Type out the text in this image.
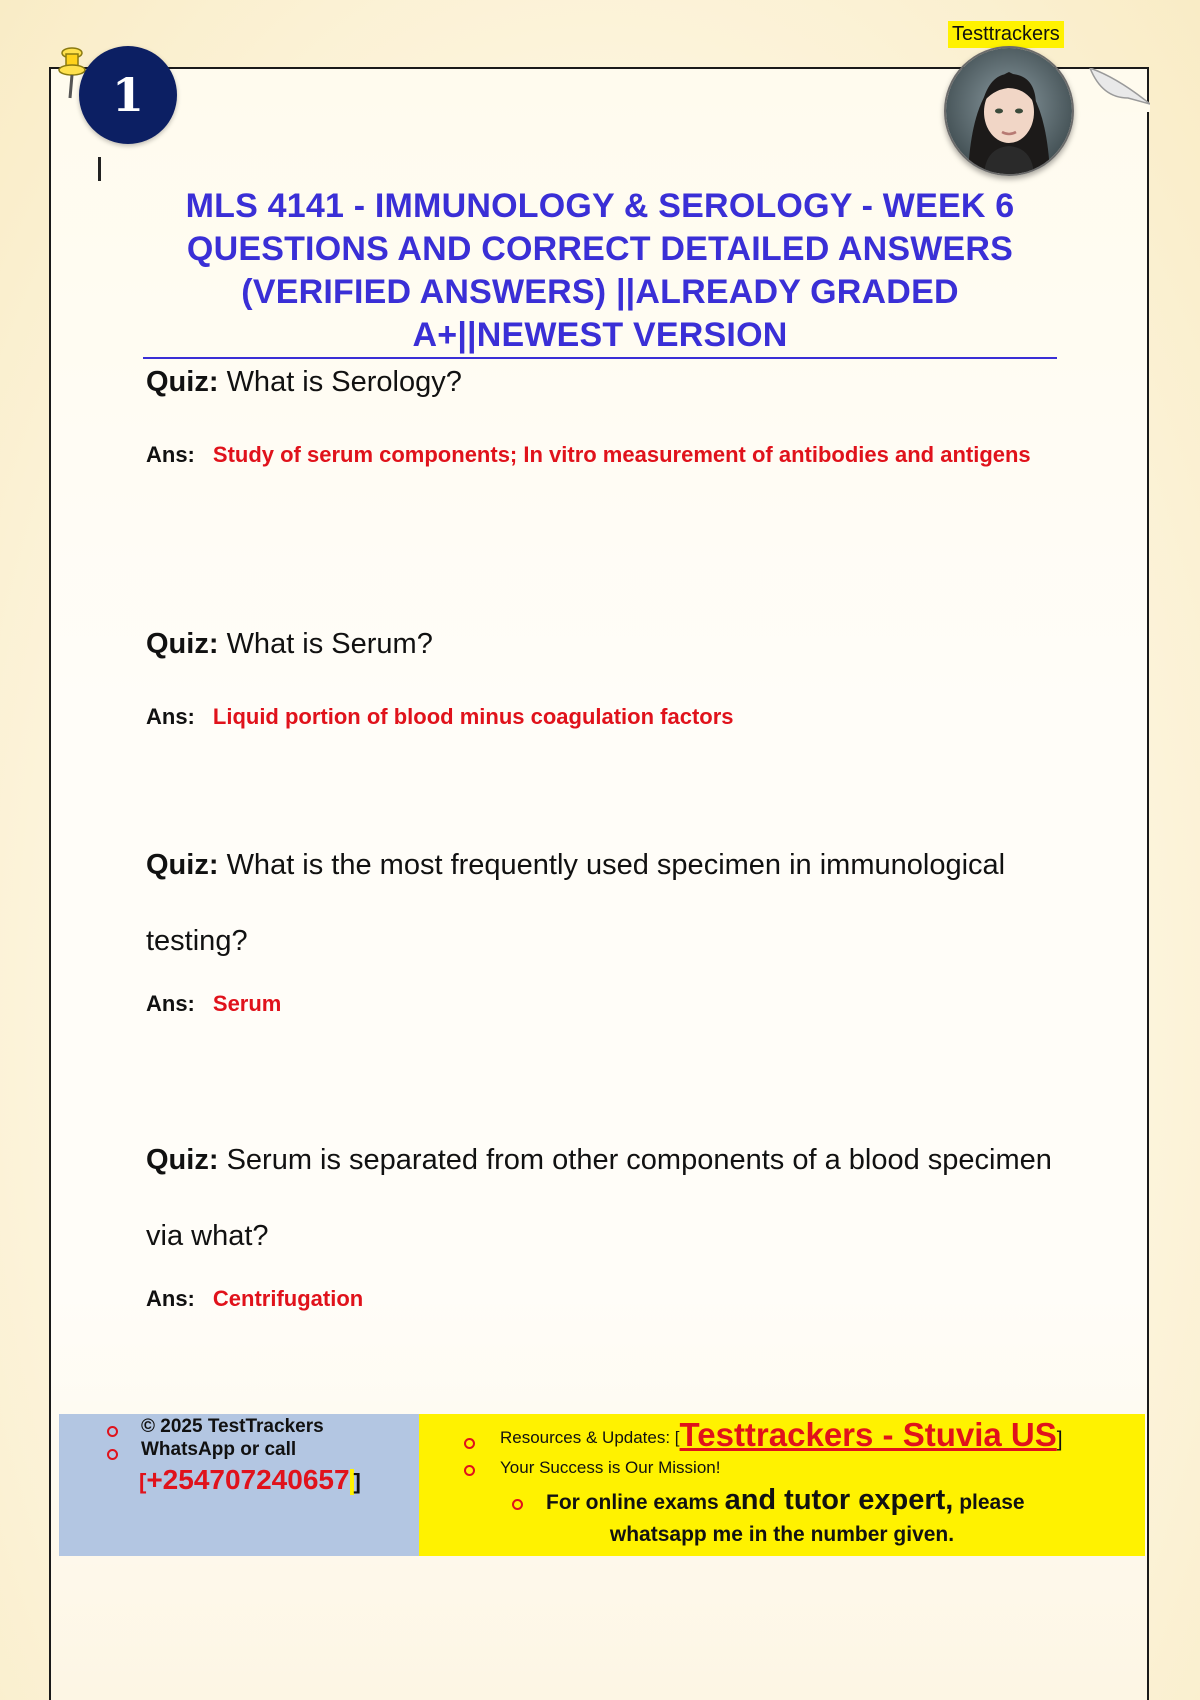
1
Testtrackers
MLS 4141 - IMMUNOLOGY & SEROLOGY - WEEK 6 QUESTIONS AND CORRECT DETAILED ANSWERS (VERIFIED ANSWERS) ||ALREADY GRADED A+||NEWEST VERSION

Quiz: What is Serology?

Ans: Study of serum components; In vitro measurement of antibodies and antigens

Quiz: What is Serum?

Ans: Liquid portion of blood minus coagulation factors

Quiz: What is the most frequently used specimen in immunological testing?

Ans: Serum

Quiz: Serum is separated from other components of a blood specimen via what?

Ans: Centrifugation

© 2025 TestTrackers
WhatsApp or call
[+254707240657 ]
Resources & Updates: [Testtrackers - Stuvia US]
Your Success is Our Mission!
For online exams and tutor expert, please
whatsapp me in the number given.
